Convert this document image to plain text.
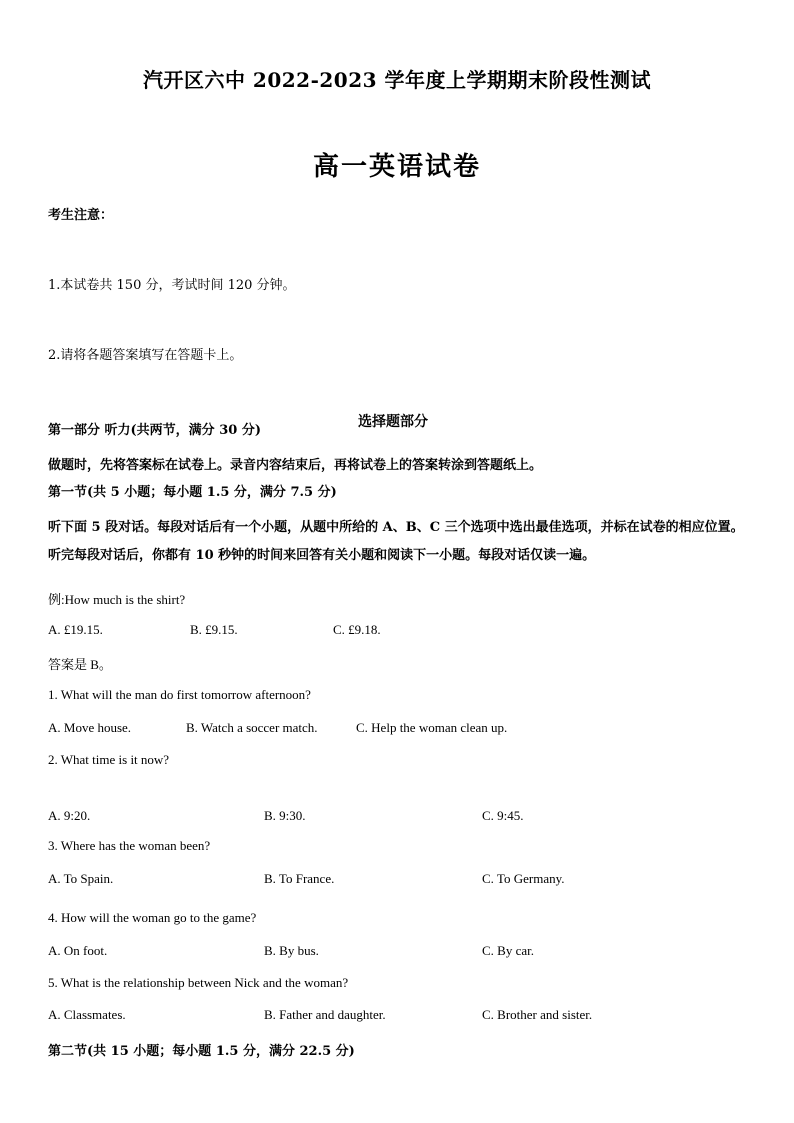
汽开区六中 2022-2023 学年度上学期期末阶段性测试
高一英语试卷
考生注意：
1.本试卷共 150 分，考试时间 120 分钟。
2.请将各题答案填写在答题卡上。
选择题部分
第一部分 听力(共两节，满分 30 分)
做题时，先将答案标在试卷上。录音内容结束后，再将试卷上的答案转涂到答题纸上。
第一节(共 5 小题；每小题 1.5 分，满分 7.5 分)
听下面 5 段对话。每段对话后有一个小题，从题中所给的 A、B、C 三个选项中选出最佳选项，并标在试卷的相应位置。听完每段对话后，你都有 10 秒钟的时间来回答有关小题和阅读下一小题。每段对话仅读一遍。
例:How much is the shirt?
A. £19.15.	B. £9.15.	C. £9.18.
答案是 B。
1. What will the man do first tomorrow afternoon?
A. Move house.	B. Watch a soccer match.	C. Help the woman clean up.
2. What time is it now?
A. 9:20.	B. 9:30.	C. 9:45.
3. Where has the woman been?
A. To Spain.	B. To France.	C. To Germany.
4. How will the woman go to the game?
A. On foot.	B. By bus.	C. By car.
5. What is the relationship between Nick and the woman?
A. Classmates.	B. Father and daughter.	C. Brother and sister.
第二节(共 15 小题；每小题 1.5 分，满分 22.5 分)
